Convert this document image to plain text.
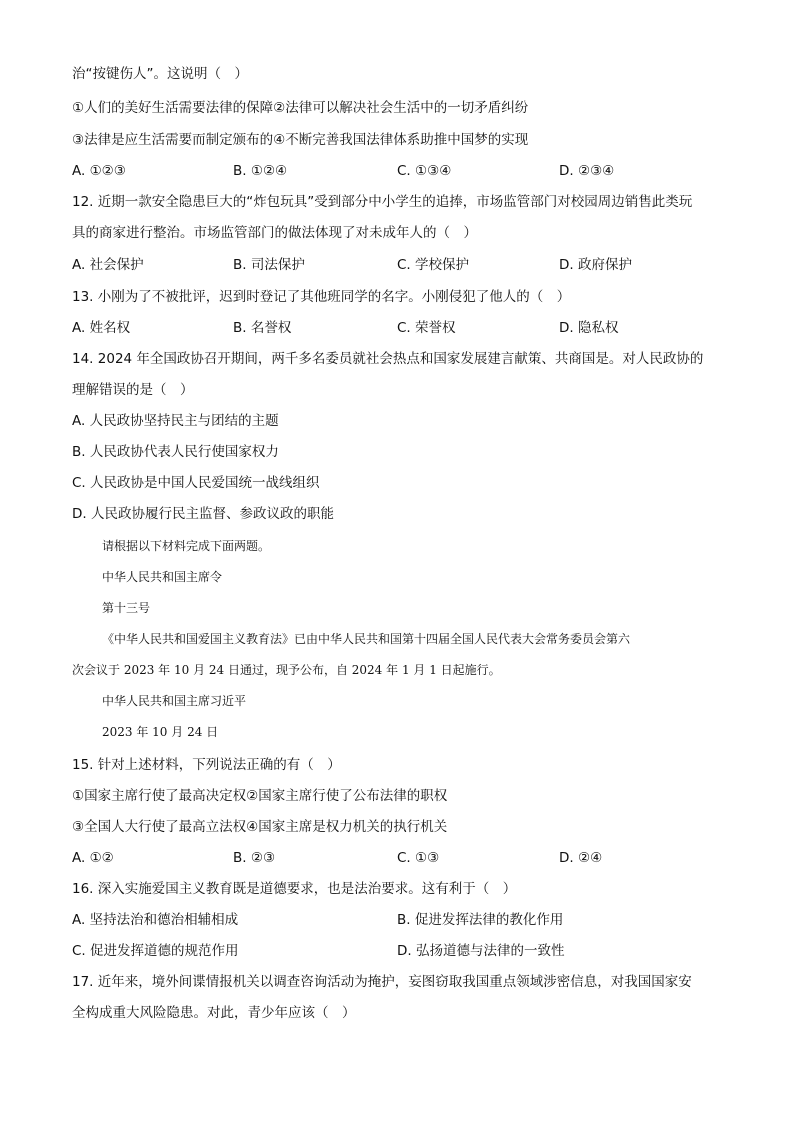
治“按键伤人”。这说明（　）
①人们的美好生活需要法律的保障②法律可以解决社会生活中的一切矛盾纠纷
③法律是应生活需要而制定颁布的④不断完善我国法律体系助推中国梦的实现
A. ①②③	B. ①②④	C. ①③④	D. ②③④
12. 近期一款安全隐患巨大的“炸包玩具”受到部分中小学生的追捧，市场监管部门对校园周边销售此类玩
具的商家进行整治。市场监管部门的做法体现了对未成年人的（　）
A. 社会保护	B. 司法保护	C. 学校保护	D. 政府保护
13. 小刚为了不被批评，迟到时登记了其他班同学的名字。小刚侵犯了他人的（　）
A. 姓名权	B. 名誉权	C. 荣誉权	D. 隐私权
14. 2024 年全国政协召开期间，两千多名委员就社会热点和国家发展建言献策、共商国是。对人民政协的
理解错误的是（　）
A. 人民政协坚持民主与团结的主题
B. 人民政协代表人民行使国家权力
C. 人民政协是中国人民爱国统一战线组织
D. 人民政协履行民主监督、参政议政的职能
请根据以下材料完成下面两题。
中华人民共和国主席令
第十三号
《中华人民共和国爱国主义教育法》已由中华人民共和国第十四届全国人民代表大会常务委员会第六
次会议于 2023 年 10 月 24 日通过，现予公布，自 2024 年 1 月 1 日起施行。
中华人民共和国主席习近平
2023 年 10 月 24 日
15. 针对上述材料，下列说法正确的有（　）
①国家主席行使了最高决定权②国家主席行使了公布法律的职权
③全国人大行使了最高立法权④国家主席是权力机关的执行机关
A. ①②	B. ②③	C. ①③	D. ②④
16. 深入实施爱国主义教育既是道德要求，也是法治要求。这有利于（　）
A. 坚持法治和德治相辅相成	B. 促进发挥法律的教化作用
C. 促进发挥道德的规范作用	D. 弘扬道德与法律的一致性
17. 近年来，境外间谍情报机关以调查咨询活动为掩护，妄图窃取我国重点领域涉密信息，对我国国家安
全构成重大风险隐患。对此，青少年应该（　）
